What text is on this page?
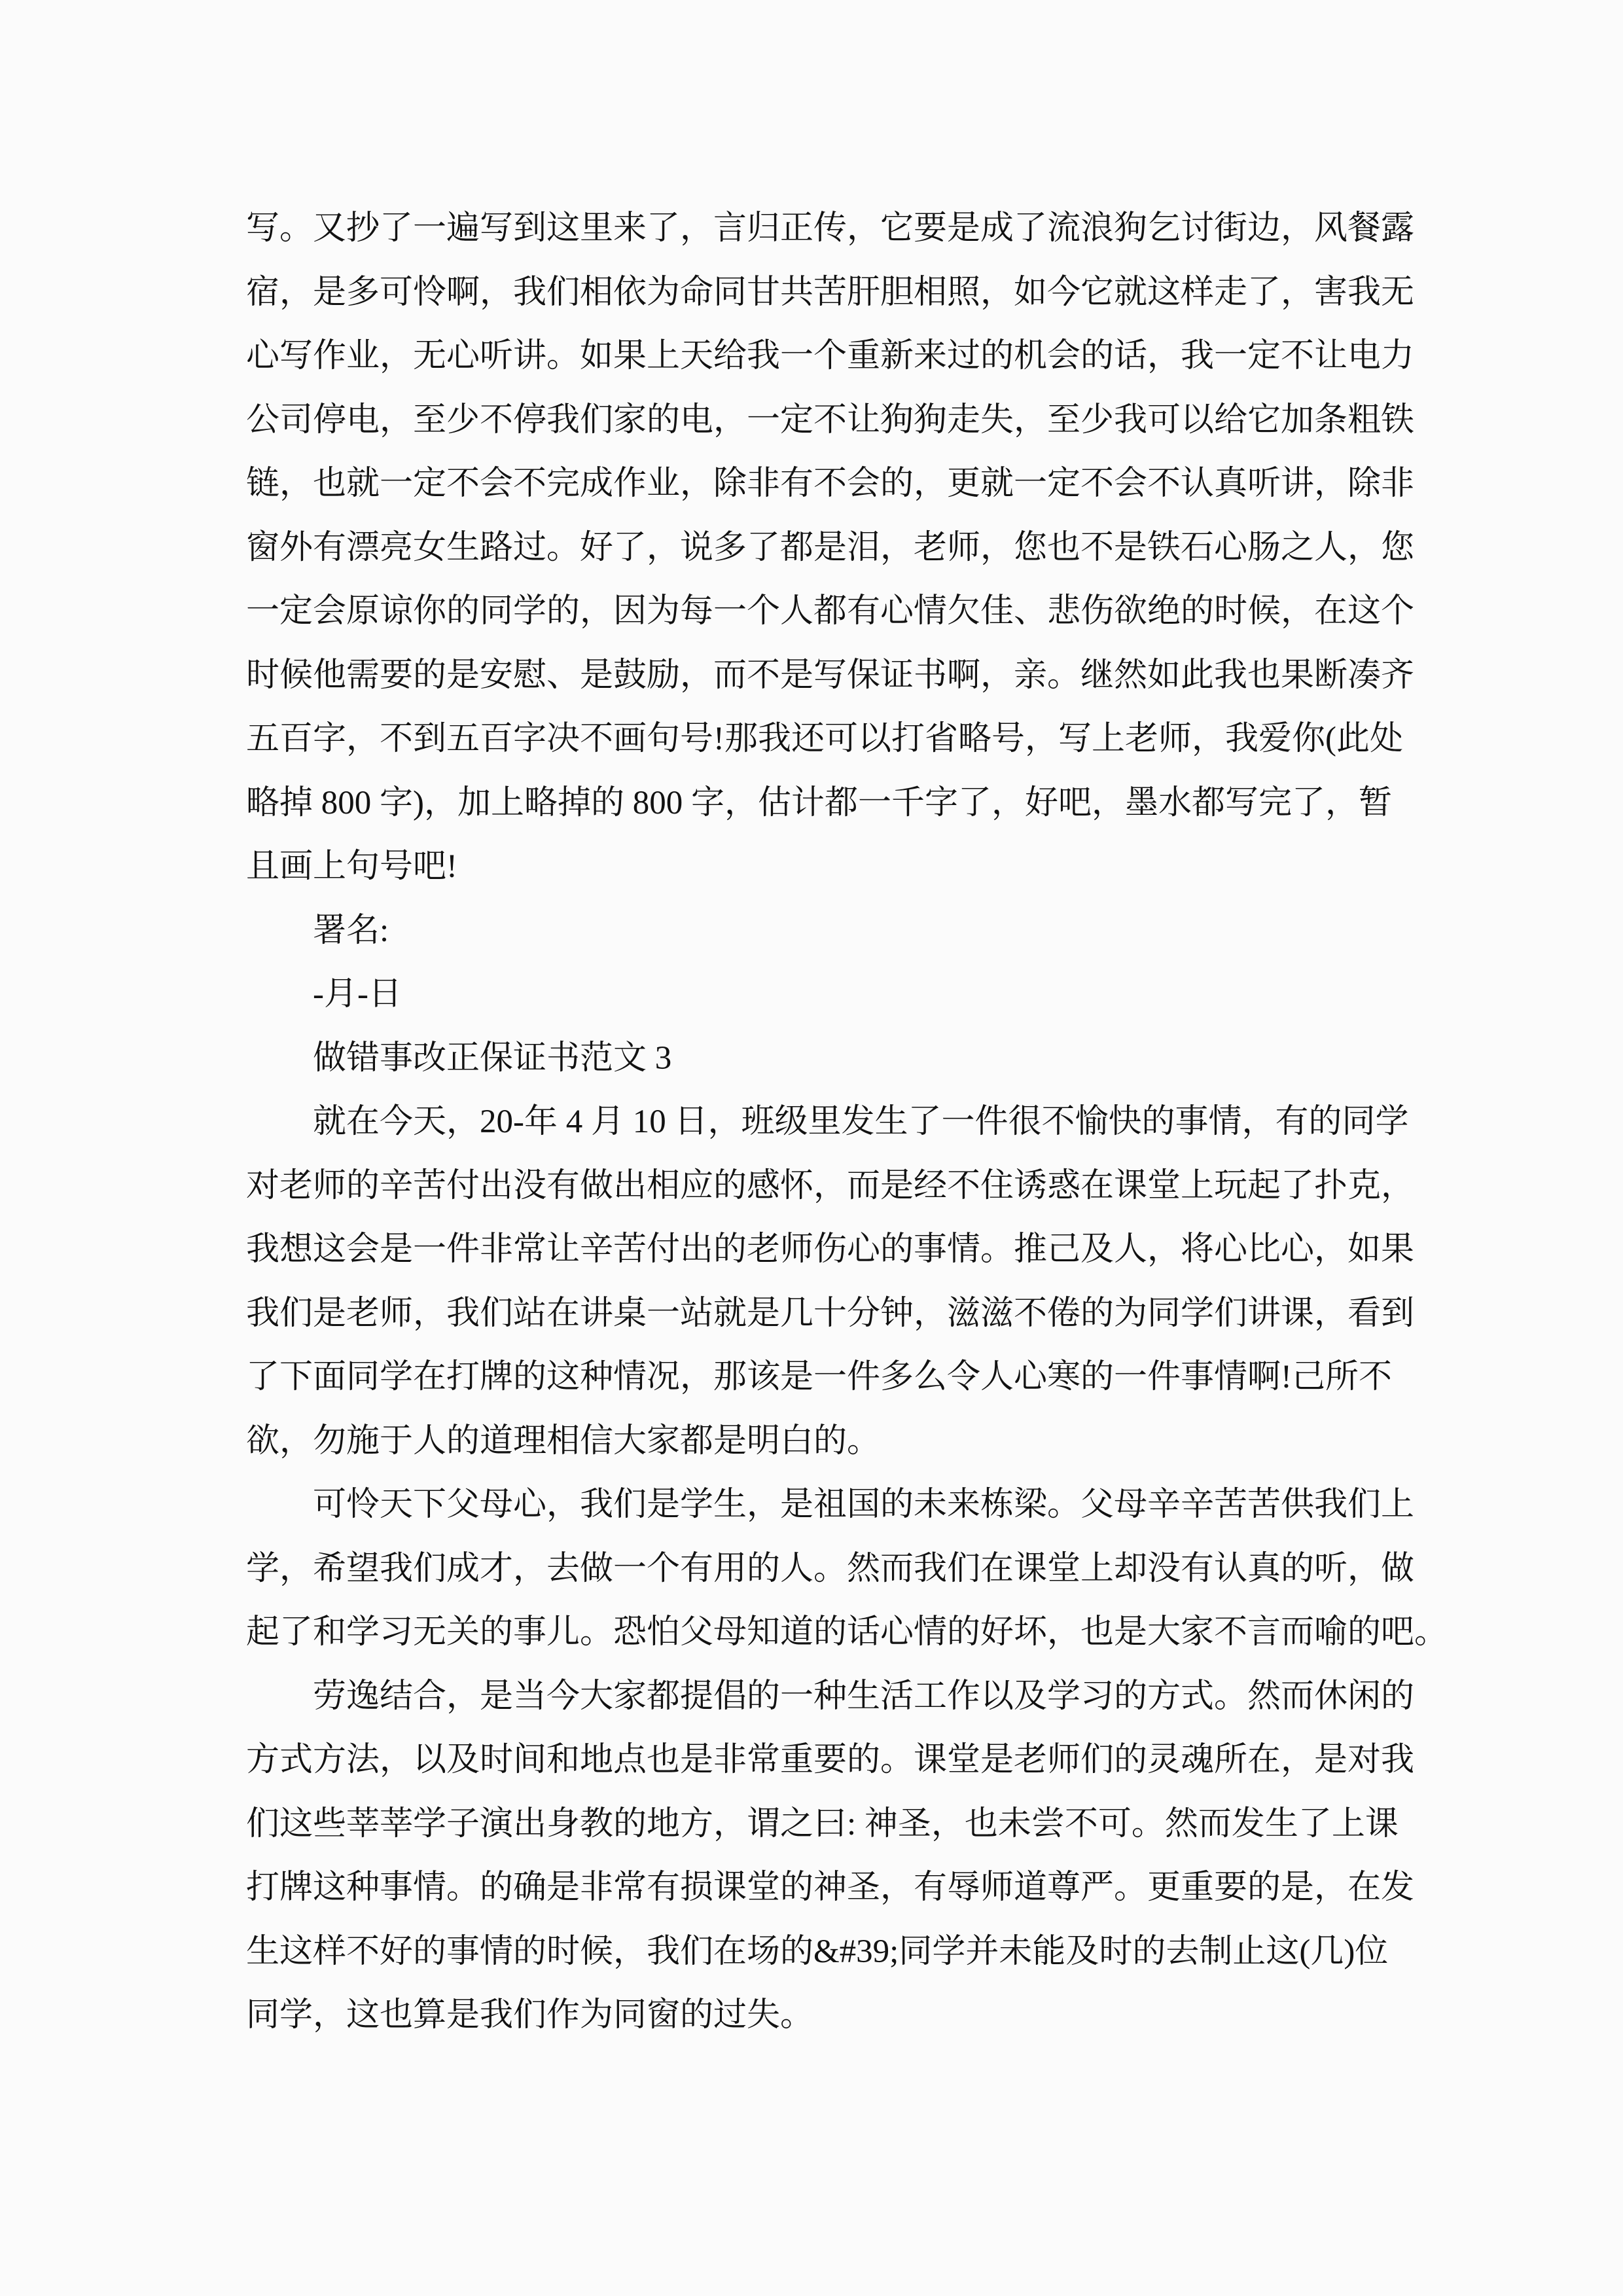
写。又抄了一遍写到这里来了，言归正传，它要是成了流浪狗乞讨街边，风餐露
宿，是多可怜啊，我们相依为命同甘共苦肝胆相照，如今它就这样走了，害我无
心写作业，无心听讲。如果上天给我一个重新来过的机会的话，我一定不让电力
公司停电，至少不停我们家的电，一定不让狗狗走失，至少我可以给它加条粗铁
链，也就一定不会不完成作业，除非有不会的，更就一定不会不认真听讲，除非
窗外有漂亮女生路过。好了，说多了都是泪，老师，您也不是铁石心肠之人，您
一定会原谅你的同学的，因为每一个人都有心情欠佳、悲伤欲绝的时候，在这个
时候他需要的是安慰、是鼓励，而不是写保证书啊，亲。继然如此我也果断凑齐
五百字，不到五百字决不画句号!那我还可以打省略号，写上老师，我爱你(此处
略掉 800 字)，加上略掉的 800 字，估计都一千字了，好吧，墨水都写完了，暂
且画上句号吧!
署名:
-月-日
做错事改正保证书范文 3
就在今天，20-年 4 月 10 日，班级里发生了一件很不愉快的事情，有的同学
对老师的辛苦付出没有做出相应的感怀，而是经不住诱惑在课堂上玩起了扑克，
我想这会是一件非常让辛苦付出的老师伤心的事情。推己及人，将心比心，如果
我们是老师，我们站在讲桌一站就是几十分钟，滋滋不倦的为同学们讲课，看到
了下面同学在打牌的这种情况，那该是一件多么令人心寒的一件事情啊!己所不
欲，勿施于人的道理相信大家都是明白的。
可怜天下父母心，我们是学生，是祖国的未来栋梁。父母辛辛苦苦供我们上
学，希望我们成才，去做一个有用的人。然而我们在课堂上却没有认真的听，做
起了和学习无关的事儿。恐怕父母知道的话心情的好坏，也是大家不言而喻的吧。
劳逸结合，是当今大家都提倡的一种生活工作以及学习的方式。然而休闲的
方式方法，以及时间和地点也是非常重要的。课堂是老师们的灵魂所在，是对我
们这些莘莘学子演出身教的地方，谓之曰: 神圣，也未尝不可。然而发生了上课
打牌这种事情。的确是非常有损课堂的神圣，有辱师道尊严。更重要的是，在发
生这样不好的事情的时候，我们在场的&#39;同学并未能及时的去制止这(几)位
同学，这也算是我们作为同窗的过失。
